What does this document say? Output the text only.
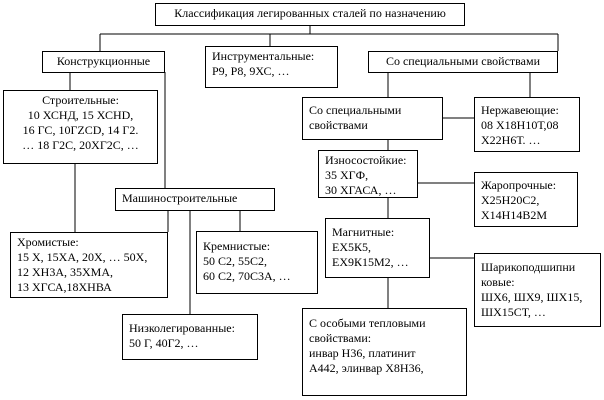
Классификация легированных сталей по назначению
Конструкционные	Инструментальные:
Р9, Р8, 9ХС, …
Со специальными свойствами
Строительные:
10 ХСНД, 15 ХСНD,
16 ГС, 10ГZСD, 14 Г2.
… 18 Г2С, 20ХГ2С, …
Машиностроительные
Хромистые:
15 Х, 15ХА, 20Х, … 50Х,
12 ХН3А, 35ХМА,
13 ХГСА,18ХНВА
Кремнистые:
50 С2, 55С2,
60 С2, 70С3А, …
Низколегированные:
50 Г, 40Г2, …
Со специальными
свойствами
Износостойкие:
35 ХГФ,
30 ХГАСА, …
Магнитные:
ЕХ5К5,
ЕХ9К15М2, …
С особыми тепловыми
свойствами:
инвар Н36, платинит
А442, элинвар Х8Н36,
Нержавеющие:
08 Х18Н10Т,08
Х22Н6Т. …
Жаропрочные:
Х25Н20С2,
Х14Н14В2М
Шарикоподшипни
ковые:
ШХ6, ШХ9, ШХ15,
ШХ15СТ, …
